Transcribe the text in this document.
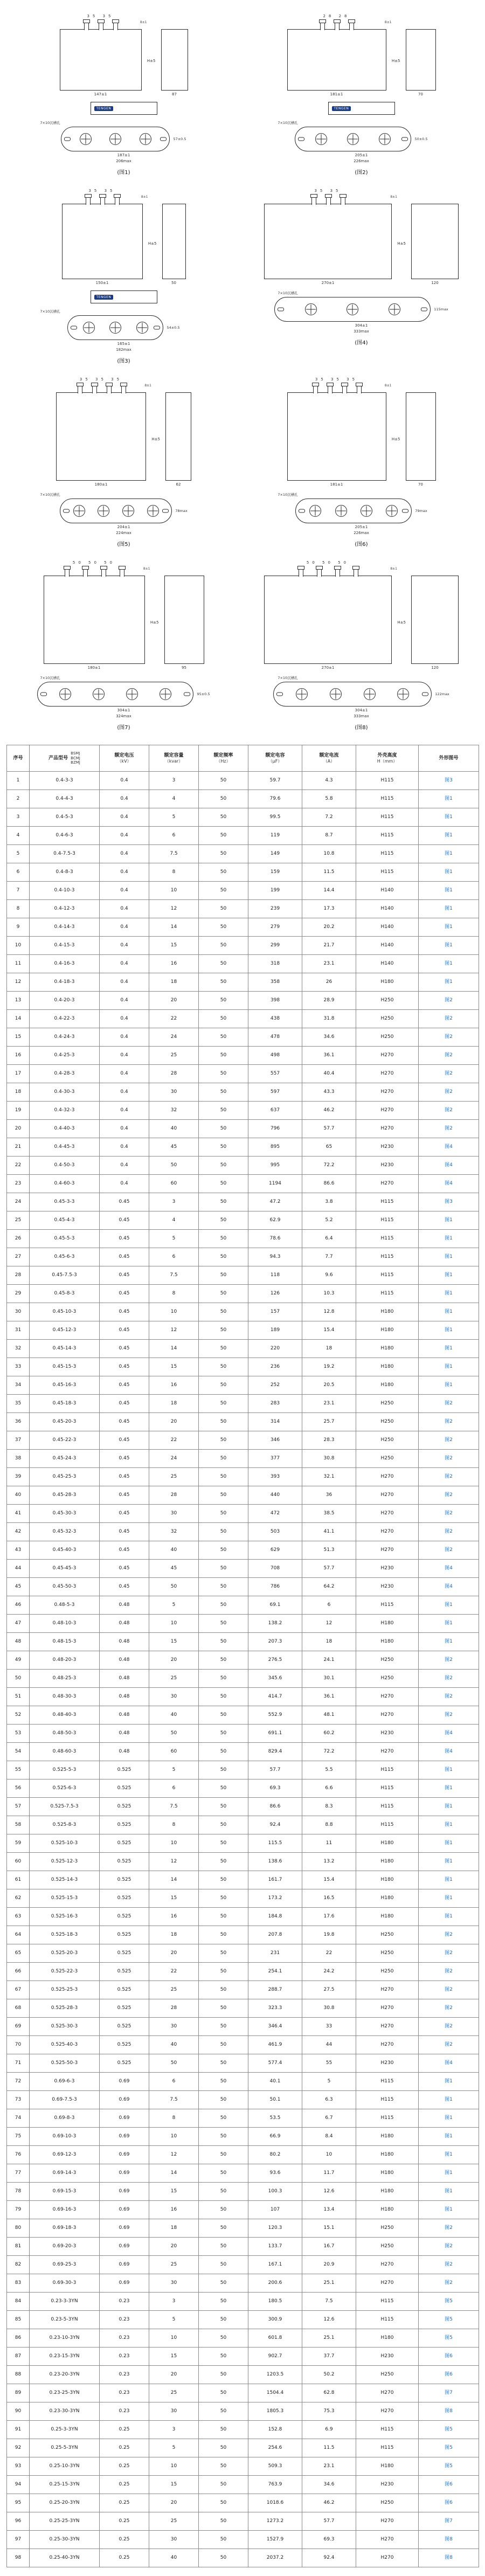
35 35
8±1
H±5
147±1	87
TENGEN
7×10沉槽孔
57±0.5
187±1
206max
(图1)
28 28
8±1
H±5
181±1	70
TENGEN
7×10沉槽孔
50±0.5
205±1
226max
(图2)
35 35
8±1
H±5
150±1	50
TENGEN
7×10沉槽孔
54±0.5
165±1
182max
(图3)
35 35
8±1
H±5
270±1	120
7×10沉槽孔
115max
304±1
333max
(图4)
35 35 35
8±1
H±5
180±1	62
7×10沉槽孔
78max
204±1
224max
(图5)
35 35 35
8±1
H±5
181±1	70
7×10沉槽孔
79max
205±1
226max
(图6)
50 50 50
8±1
H±5
180±1	95
7×10沉槽孔
95±0.5
304±1
324max
(图7)
50 50 50
8±1
H±5
270±1	120
7×10沉槽孔
122max
304±1
333max
(图8)
序号	产品型号
BSMJ
BCMJ
BZMJ

额定电压
（kV）

额定容量
（kvar）

额定频率
（Hz）

额定电容
（μF）

额定电流
（A）

外壳高度
H（mm）

外形图号

1	0.4-3-3	0.4	3	50	59.7	4.3	H115	图3
2	0.4-4-3	0.4	4	50	79.6	5.8	H115	图1
3	0.4-5-3	0.4	5	50	99.5	7.2	H115	图1
4	0.4-6-3	0.4	6	50	119	8.7	H115	图1
5	0.4-7.5-3	0.4	7.5	50	149	10.8	H115	图1
6	0.4-8-3	0.4	8	50	159	11.5	H115	图1
7	0.4-10-3	0.4	10	50	199	14.4	H140	图1
8	0.4-12-3	0.4	12	50	239	17.3	H140	图1
9	0.4-14-3	0.4	14	50	279	20.2	H140	图1
10	0.4-15-3	0.4	15	50	299	21.7	H140	图1
11	0.4-16-3	0.4	16	50	318	23.1	H140	图1
12	0.4-18-3	0.4	18	50	358	26	H180	图1
13	0.4-20-3	0.4	20	50	398	28.9	H250	图2
14	0.4-22-3	0.4	22	50	438	31.8	H250	图2
15	0.4-24-3	0.4	24	50	478	34.6	H250	图2
16	0.4-25-3	0.4	25	50	498	36.1	H270	图2
17	0.4-28-3	0.4	28	50	557	40.4	H270	图2
18	0.4-30-3	0.4	30	50	597	43.3	H270	图2
19	0.4-32-3	0.4	32	50	637	46.2	H270	图2
20	0.4-40-3	0.4	40	50	796	57.7	H270	图2
21	0.4-45-3	0.4	45	50	895	65	H230	图4
22	0.4-50-3	0.4	50	50	995	72.2	H230	图4
23	0.4-60-3	0.4	60	50	1194	86.6	H270	图4
24	0.45-3-3	0.45	3	50	47.2	3.8	H115	图3
25	0.45-4-3	0.45	4	50	62.9	5.2	H115	图1
26	0.45-5-3	0.45	5	50	78.6	6.4	H115	图1
27	0.45-6-3	0.45	6	50	94.3	7.7	H115	图1
28	0.45-7.5-3	0.45	7.5	50	118	9.6	H115	图1
29	0.45-8-3	0.45	8	50	126	10.3	H115	图1
30	0.45-10-3	0.45	10	50	157	12.8	H180	图1
31	0.45-12-3	0.45	12	50	189	15.4	H180	图1
32	0.45-14-3	0.45	14	50	220	18	H180	图1
33	0.45-15-3	0.45	15	50	236	19.2	H180	图1
34	0.45-16-3	0.45	16	50	252	20.5	H180	图1
35	0.45-18-3	0.45	18	50	283	23.1	H250	图2
36	0.45-20-3	0.45	20	50	314	25.7	H250	图2
37	0.45-22-3	0.45	22	50	346	28.3	H250	图2
38	0.45-24-3	0.45	24	50	377	30.8	H250	图2
39	0.45-25-3	0.45	25	50	393	32.1	H270	图2
40	0.45-28-3	0.45	28	50	440	36	H270	图2
41	0.45-30-3	0.45	30	50	472	38.5	H270	图2
42	0.45-32-3	0.45	32	50	503	41.1	H270	图2
43	0.45-40-3	0.45	40	50	629	51.3	H270	图2
44	0.45-45-3	0.45	45	50	708	57.7	H230	图4
45	0.45-50-3	0.45	50	50	786	64.2	H230	图4
46	0.48-5-3	0.48	5	50	69.1	6	H115	图1
47	0.48-10-3	0.48	10	50	138.2	12	H180	图1
48	0.48-15-3	0.48	15	50	207.3	18	H180	图1
49	0.48-20-3	0.48	20	50	276.5	24.1	H250	图2
50	0.48-25-3	0.48	25	50	345.6	30.1	H250	图2
51	0.48-30-3	0.48	30	50	414.7	36.1	H270	图2
52	0.48-40-3	0.48	40	50	552.9	48.1	H270	图2
53	0.48-50-3	0.48	50	50	691.1	60.2	H230	图4
54	0.48-60-3	0.48	60	50	829.4	72.2	H270	图4
55	0.525-5-3	0.525	5	50	57.7	5.5	H115	图1
56	0.525-6-3	0.525	6	50	69.3	6.6	H115	图1
57	0.525-7.5-3	0.525	7.5	50	86.6	8.3	H115	图1
58	0.525-8-3	0.525	8	50	92.4	8.8	H115	图1
59	0.525-10-3	0.525	10	50	115.5	11	H180	图1
60	0.525-12-3	0.525	12	50	138.6	13.2	H180	图1
61	0.525-14-3	0.525	14	50	161.7	15.4	H180	图1
62	0.525-15-3	0.525	15	50	173.2	16.5	H180	图1
63	0.525-16-3	0.525	16	50	184.8	17.6	H180	图1
64	0.525-18-3	0.525	18	50	207.8	19.8	H250	图2
65	0.525-20-3	0.525	20	50	231	22	H250	图2
66	0.525-22-3	0.525	22	50	254.1	24.2	H250	图2
67	0.525-25-3	0.525	25	50	288.7	27.5	H270	图2
68	0.525-28-3	0.525	28	50	323.3	30.8	H270	图2
69	0.525-30-3	0.525	30	50	346.4	33	H270	图2
70	0.525-40-3	0.525	40	50	461.9	44	H270	图2
71	0.525-50-3	0.525	50	50	577.4	55	H230	图4
72	0.69-6-3	0.69	6	50	40.1	5	H115	图1
73	0.69-7.5-3	0.69	7.5	50	50.1	6.3	H115	图1
74	0.69-8-3	0.69	8	50	53.5	6.7	H115	图1
75	0.69-10-3	0.69	10	50	66.9	8.4	H180	图1
76	0.69-12-3	0.69	12	50	80.2	10	H180	图1
77	0.69-14-3	0.69	14	50	93.6	11.7	H180	图1
78	0.69-15-3	0.69	15	50	100.3	12.6	H180	图1
79	0.69-16-3	0.69	16	50	107	13.4	H180	图1
80	0.69-18-3	0.69	18	50	120.3	15.1	H250	图2
81	0.69-20-3	0.69	20	50	133.7	16.7	H250	图2
82	0.69-25-3	0.69	25	50	167.1	20.9	H270	图2
83	0.69-30-3	0.69	30	50	200.6	25.1	H270	图2
84	0.23-3-3YN	0.23	3	50	180.5	7.5	H115	图5
85	0.23-5-3YN	0.23	5	50	300.9	12.6	H115	图5
86	0.23-10-3YN	0.23	10	50	601.8	25.1	H180	图5
87	0.23-15-3YN	0.23	15	50	902.7	37.7	H230	图6
88	0.23-20-3YN	0.23	20	50	1203.5	50.2	H250	图6
89	0.23-25-3YN	0.23	25	50	1504.4	62.8	H270	图7
90	0.23-30-3YN	0.23	30	50	1805.3	75.3	H270	图8
91	0.25-3-3YN	0.25	3	50	152.8	6.9	H115	图5
92	0.25-5-3YN	0.25	5	50	254.6	11.5	H115	图5
93	0.25-10-3YN	0.25	10	50	509.3	23.1	H180	图5
94	0.25-15-3YN	0.25	15	50	763.9	34.6	H230	图6
95	0.25-20-3YN	0.25	20	50	1018.6	46.2	H250	图6
96	0.25-25-3YN	0.25	25	50	1273.2	57.7	H270	图7
97	0.25-30-3YN	0.25	30	50	1527.9	69.3	H270	图8
98	0.25-40-3YN	0.25	40	50	2037.2	92.4	H270	图8
